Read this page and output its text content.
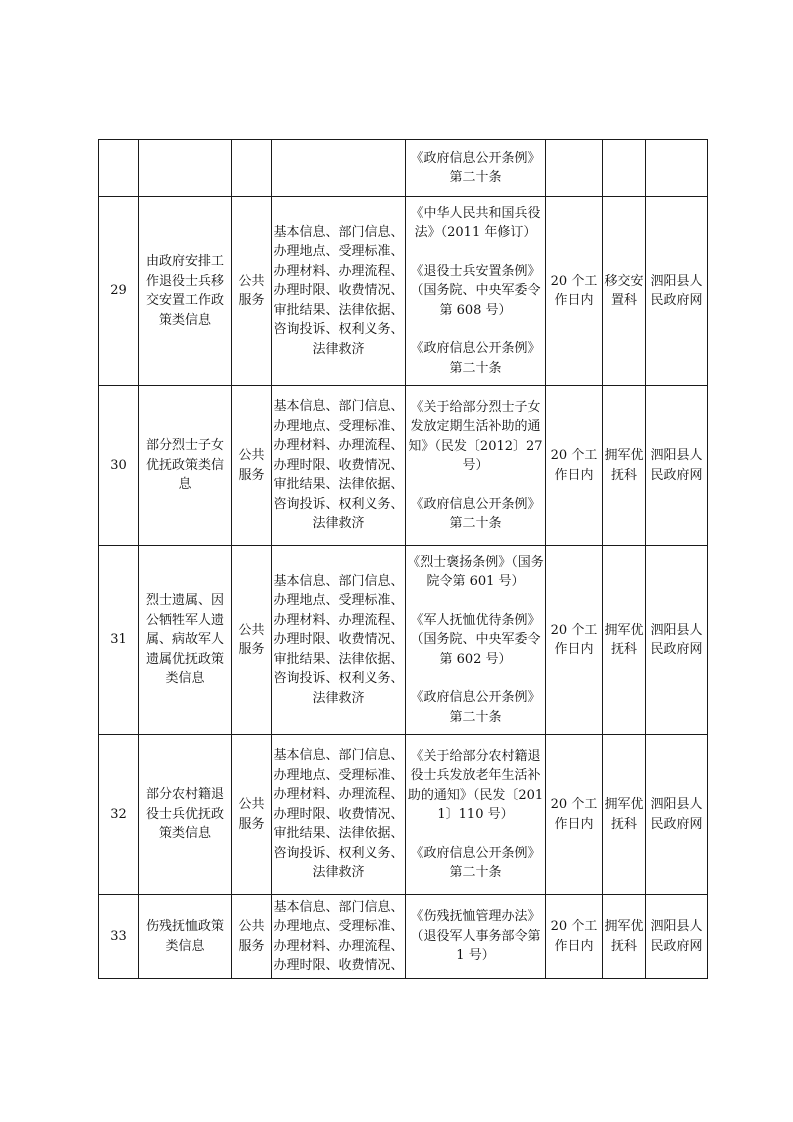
				《政府信息公开条例》第二十条			

29	由政府安排工作退役士兵移交安置工作政策类信息	公共服务	基本信息、部门信息、办理地点、受理标准、办理材料、办理流程、办理时限、收费情况、审批结果、法律依据、咨询投诉、权利义务、法律救济	《中华人民共和国兵役法》（2011 年修订）
《退役士兵安置条例》（国务院、中央军委令第 608 号）
《政府信息公开条例》第二十条	20 个工作日内	移交安置科	泗阳县人民政府网
30	部分烈士子女优抚政策类信息	公共服务	基本信息、部门信息、办理地点、受理标准、办理材料、办理流程、办理时限、收费情况、审批结果、法律依据、咨询投诉、权利义务、法律救济	《关于给部分烈士子女发放定期生活补助的通知》（民发〔2012〕27 号）
《政府信息公开条例》第二十条	20 个工作日内	拥军优抚科	泗阳县人民政府网
31	烈士遗属、因公牺牲军人遗属、病故军人遗属优抚政策类信息	公共服务	基本信息、部门信息、办理地点、受理标准、办理材料、办理流程、办理时限、收费情况、审批结果、法律依据、咨询投诉、权利义务、法律救济	《烈士褒扬条例》（国务院令第 601 号）
《军人抚恤优待条例》（国务院、中央军委令第 602 号）
《政府信息公开条例》第二十条	20 个工作日内	拥军优抚科	泗阳县人民政府网
32	部分农村籍退役士兵优抚政策类信息	公共服务	基本信息、部门信息、办理地点、受理标准、办理材料、办理流程、办理时限、收费情况、审批结果、法律依据、咨询投诉、权利义务、法律救济	《关于给部分农村籍退役士兵发放老年生活补助的通知》（民发〔2011〕110 号）
《政府信息公开条例》第二十条	20 个工作日内	拥军优抚科	泗阳县人民政府网
33	伤残抚恤政策类信息	公共服务	基本信息、部门信息、办理地点、受理标准、办理材料、办理流程、办理时限、收费情况、	《伤残抚恤管理办法》（退役军人事务部令第 1 号）	20 个工作日内	拥军优抚科	泗阳县人民政府网
